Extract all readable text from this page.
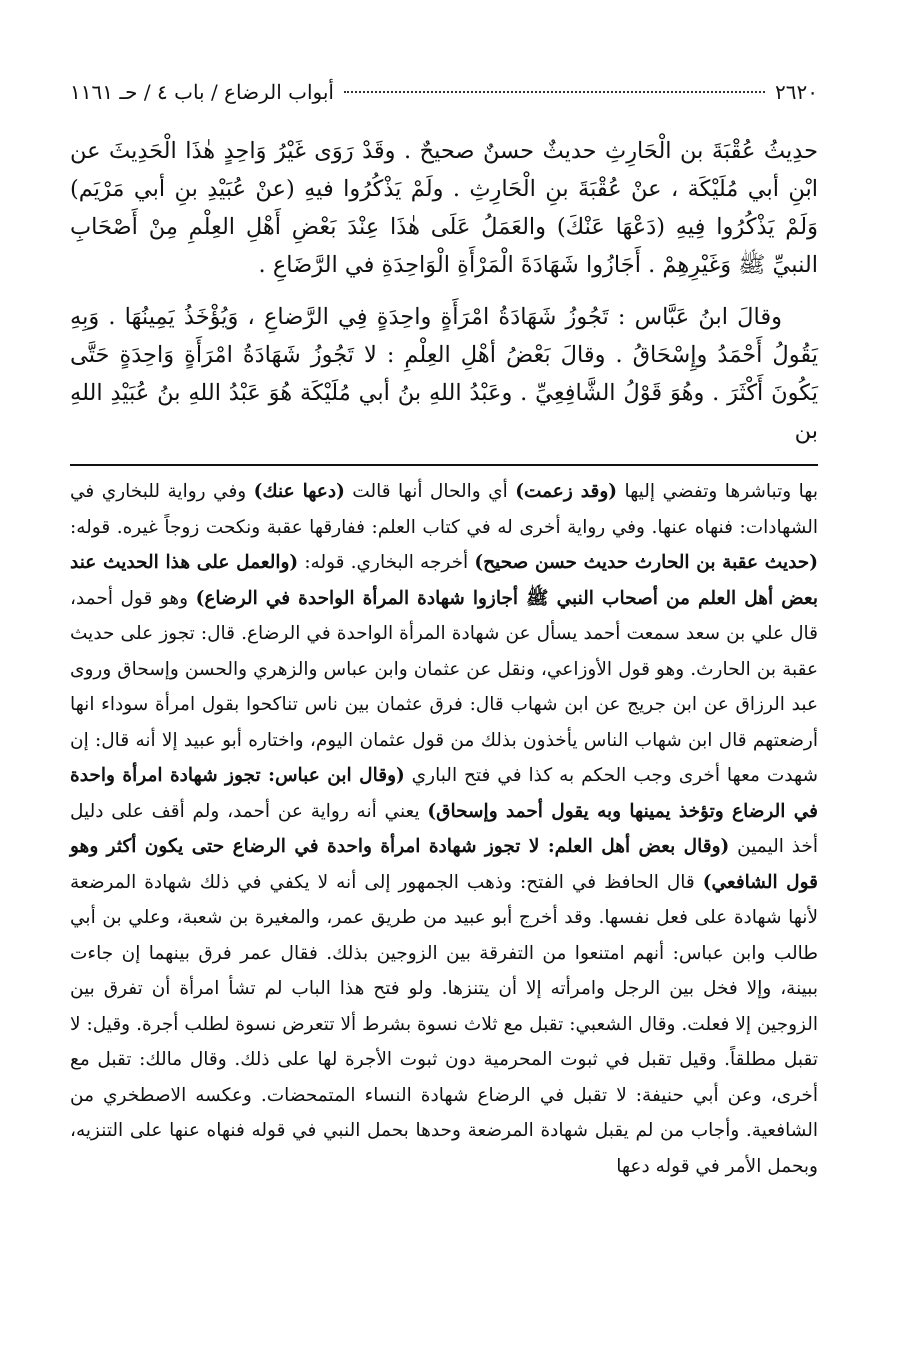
٢٦٢٠
أبواب الرضاع / باب ٤ / حـ ١١٦١

حدِيثُ عُقْبَةَ بن الْحَارِثِ حديثٌ حسنٌ صحيحٌ . وقَدْ رَوَى غَيْرُ وَاحِدٍ هٰذَا الْحَدِيثَ عن ابْنِ أبي مُلَيْكَة ، عنْ عُقْبَةَ بنِ الْحَارِثِ . ولَمْ يَذْكُرُوا فيهِ (عنْ عُبَيْدِ بنِ أبي مَرْيَم) وَلَمْ يَذْكُرُوا فِيهِ (دَعْهَا عَنْكَ) والعَمَلُ عَلَى هٰذَا عِنْدَ بَعْضِ أَهْلِ العِلْمِ مِنْ أَصْحَابِ النبيِّ ﷺ وَغَيْرِهِمْ . أَجَازُوا شَهَادَةَ الْمَرْأَةِ الْوَاحِدَةِ في الرَّضَاعِ .

وقالَ ابنُ عَبَّاس : تَجُوزُ شَهَادَةُ امْرَأَةٍ واحِدَةٍ فِي الرَّضاعِ ، وَيُؤْخَذُ يَمِينُهَا . وَبِهِ يَقُولُ أَحْمَدُ وإِسْحَاقُ . وقالَ بَعْضُ أهْلِ العِلْمِ : لا تَجُوزُ شَهَادَةُ امْرَأَةٍ وَاحِدَةٍ حَتَّى يَكُونَ أَكْثَرَ . وهُوَ قَوْلُ الشَّافِعِيِّ . وعَبْدُ اللهِ بنُ أبي مُلَيْكَة هُوَ عَبْدُ اللهِ بنُ عُبَيْدِ اللهِ بن

بها وتباشرها وتفضي إليها (وقد زعمت) أي والحال أنها قالت (دعها عنك) وفي رواية للبخاري في الشهادات: فنهاه عنها. وفي رواية أخرى له في كتاب العلم: ففارقها عقبة ونكحت زوجاً غيره. قوله: (حديث عقبة بن الحارث حديث حسن صحيح) أخرجه البخاري. قوله: (والعمل على هذا الحديث عند بعض أهل العلم من أصحاب النبي ﷺ أجازوا شهادة المرأة الواحدة في الرضاع) وهو قول أحمد، قال علي بن سعد سمعت أحمد يسأل عن شهادة المرأة الواحدة في الرضاع. قال: تجوز على حديث عقبة بن الحارث. وهو قول الأوزاعي، ونقل عن عثمان وابن عباس والزهري والحسن وإسحاق وروى عبد الرزاق عن ابن جريج عن ابن شهاب قال: فرق عثمان بين ناس تناكحوا بقول امرأة سوداء انها أرضعتهم قال ابن شهاب الناس يأخذون بذلك من قول عثمان اليوم، واختاره أبو عبيد إلا أنه قال: إن شهدت معها أخرى وجب الحكم به كذا في فتح الباري (وقال ابن عباس: تجوز شهادة امرأة واحدة في الرضاع وتؤخذ يمينها وبه يقول أحمد وإسحاق) يعني أنه رواية عن أحمد، ولم أقف على دليل أخذ اليمين (وقال بعض أهل العلم: لا تجوز شهادة امرأة واحدة في الرضاع حتى يكون أكثر وهو قول الشافعي) قال الحافظ في الفتح: وذهب الجمهور إلى أنه لا يكفي في ذلك شهادة المرضعة لأنها شهادة على فعل نفسها. وقد أخرج أبو عبيد من طريق عمر، والمغيرة بن شعبة، وعلي بن أبي طالب وابن عباس: أنهم امتنعوا من التفرقة بين الزوجين بذلك. فقال عمر فرق بينهما إن جاءت ببينة، وإلا فخل بين الرجل وامرأته إلا أن يتنزها. ولو فتح هذا الباب لم تشأ امرأة أن تفرق بين الزوجين إلا فعلت. وقال الشعبي: تقبل مع ثلاث نسوة بشرط ألا تتعرض نسوة لطلب أجرة. وقيل: لا تقبل مطلقاً. وقيل تقبل في ثبوت المحرمية دون ثبوت الأجرة لها على ذلك. وقال مالك: تقبل مع أخرى، وعن أبي حنيفة: لا تقبل في الرضاع شهادة النساء المتمحضات. وعكسه الاصطخري من الشافعية. وأجاب من لم يقبل شهادة المرضعة وحدها بحمل النبي في قوله فنهاه عنها على التنزيه، وبحمل الأمر في قوله دعها
